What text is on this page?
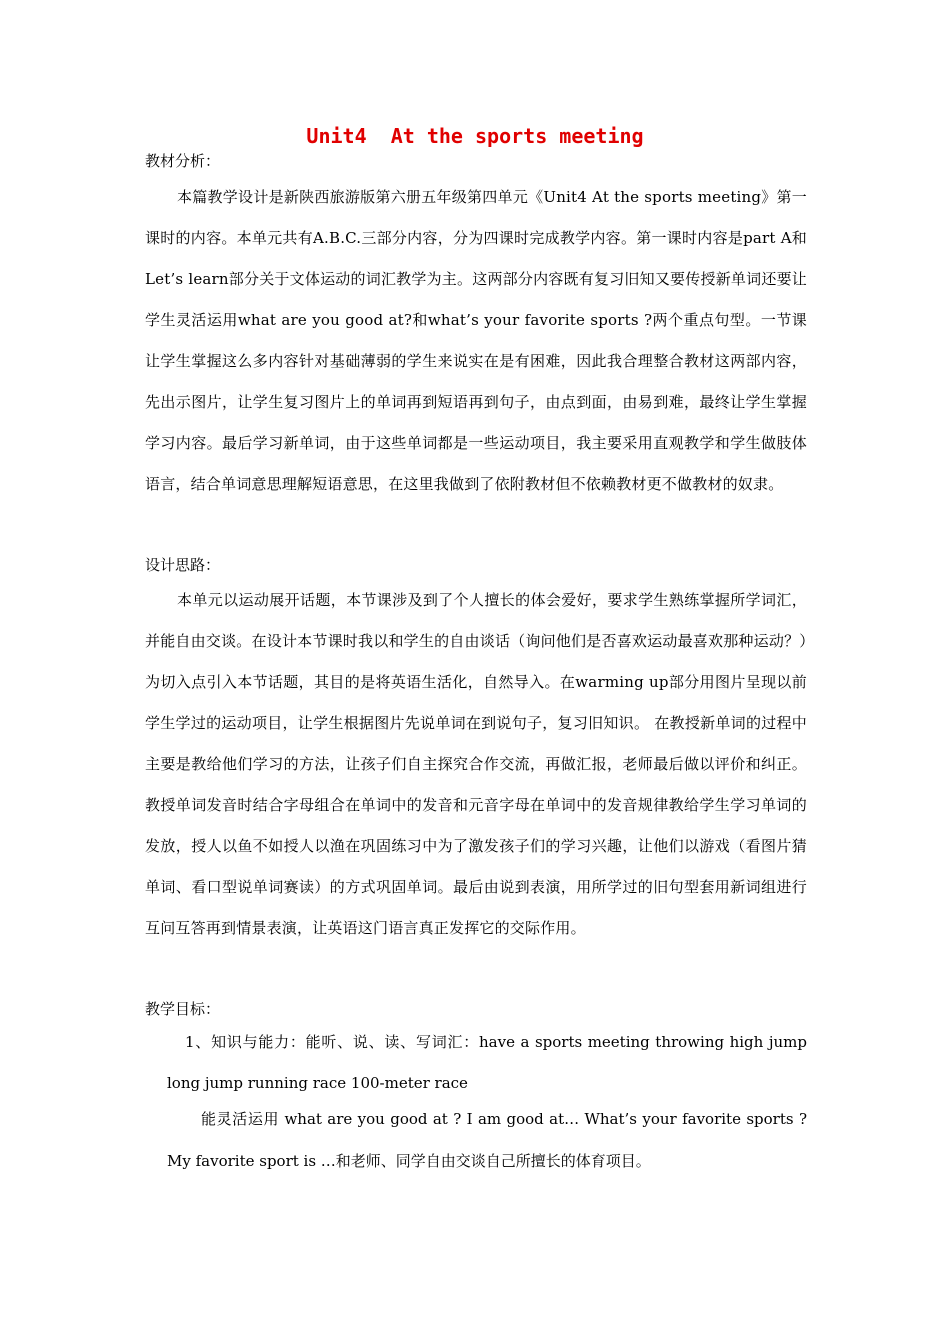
Unit4  At the sports meeting
教材分析：
本篇教学设计是新陕西旅游版第六册五年级第四单元《Unit4 At the sports meeting》第一课时的内容。本单元共有A.B.C.三部分内容，分为四课时完成教学内容。第一课时内容是part A和Let’s learn部分关于文体运动的词汇教学为主。这两部分内容既有复习旧知又要传授新单词还要让学生灵活运用what are you good at?和what’s your favorite sports ?两个重点句型。一节课让学生掌握这么多内容针对基础薄弱的学生来说实在是有困难，因此我合理整合教材这两部内容，先出示图片，让学生复习图片上的单词再到短语再到句子，由点到面，由易到难，最终让学生掌握学习内容。最后学习新单词，由于这些单词都是一些运动项目，我主要采用直观教学和学生做肢体语言，结合单词意思理解短语意思，在这里我做到了依附教材但不依赖教材更不做教材的奴隶。
设计思路：
本单元以运动展开话题，本节课涉及到了个人擅长的体会爱好，要求学生熟练掌握所学词汇，并能自由交谈。在设计本节课时我以和学生的自由谈话（询问他们是否喜欢运动最喜欢那种运动？）为切入点引入本节话题，其目的是将英语生活化，自然导入。在warming up部分用图片呈现以前学生学过的运动项目，让学生根据图片先说单词在到说句子，复习旧知识。 在教授新单词的过程中主要是教给他们学习的方法，让孩子们自主探究合作交流，再做汇报，老师最后做以评价和纠正。教授单词发音时结合字母组合在单词中的发音和元音字母在单词中的发音规律教给学生学习单词的发放，授人以鱼不如授人以渔在巩固练习中为了激发孩子们的学习兴趣，让他们以游戏（看图片猜单词、看口型说单词赛读）的方式巩固单词。最后由说到表演，用所学过的旧句型套用新词组进行互问互答再到情景表演，让英语这门语言真正发挥它的交际作用。
教学目标：
1、知识与能力：能听、说、读、写词汇：have a sports meeting throwing high jump long jump running race 100-meter race
能灵活运用 what are you good at ? I am good at… What’s your favorite sports ? My favorite sport is …和老师、同学自由交谈自己所擅长的体育项目。
